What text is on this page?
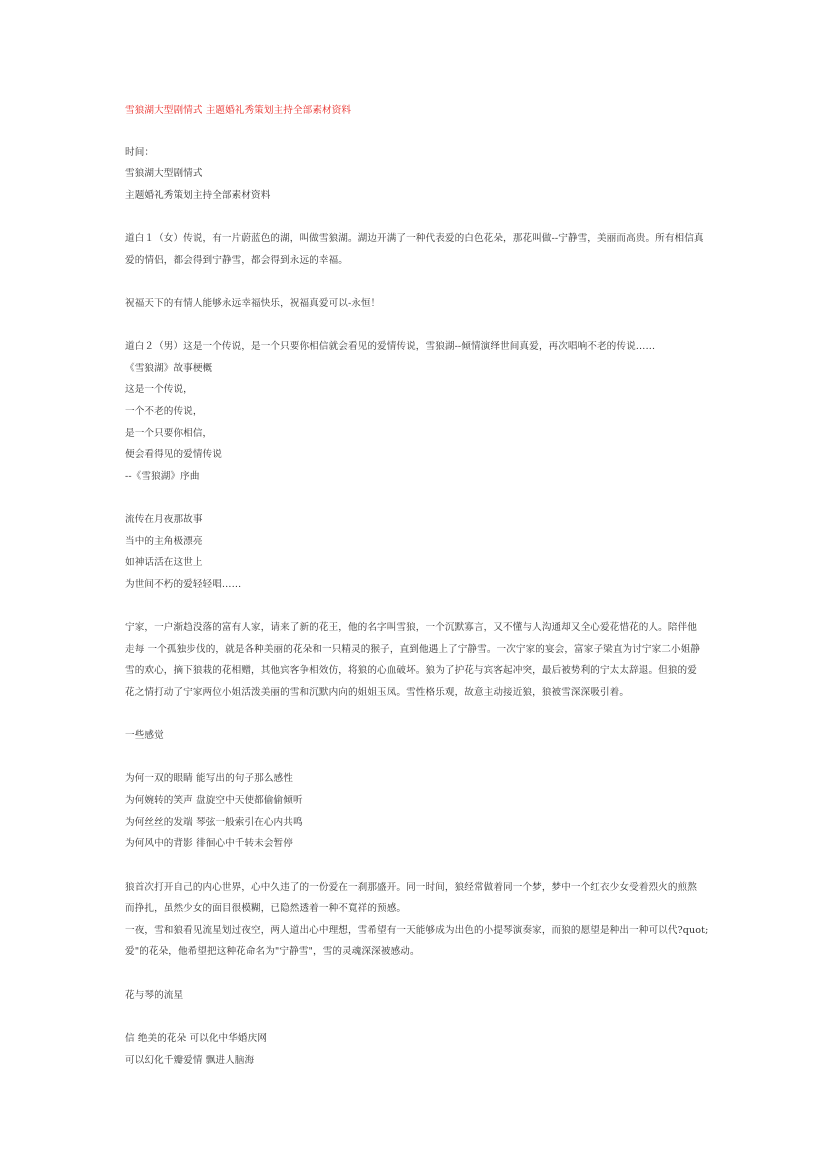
雪狼湖大型剧情式 主题婚礼秀策划主持全部素材资料
时间：
雪狼湖大型剧情式
主题婚礼秀策划主持全部素材资料
道白１（女）传说，有一片蔚蓝色的湖，叫做雪狼湖。湖边开满了一种代表爱的白色花朵，那花叫做--宁静雪，美丽而高贵。所有相信真
爱的情侣，都会得到宁静雪，都会得到永远的幸福。
祝福天下的有情人能够永远幸福快乐，祝福真爱可以-永恒！
道白２（男）这是一个传说，是一个只要你相信就会看见的爱情传说，雪狼湖--倾情演绎世间真爱，再次唱响不老的传说……
《雪狼湖》故事梗概
这是一个传说，
一个不老的传说，
是一个只要你相信，
便会看得见的爱情传说
--《雪狼湖》序曲
流传在月夜那故事
当中的主角极漂亮
如神话活在这世上
为世间不朽的爱轻轻唱……
宁家，一户渐趋没落的富有人家，请来了新的花王，他的名字叫雪狼，一个沉默寡言，又不懂与人沟通却又全心爱花惜花的人。陪伴他
走每 一个孤独步伐的，就是各种美丽的花朵和一只精灵的猴子，直到他遇上了宁静雪。一次宁家的宴会，富家子梁直为讨宁家二小姐静
雪的欢心，摘下狼栽的花相赠，其他宾客争相效仿，将狼的心血破坏。狼为了护花与宾客起冲突，最后被势利的宁太太辞退。但狼的爱
花之情打动了宁家两位小姐活泼美丽的雪和沉默内向的姐姐玉凤。雪性格乐观，故意主动接近狼，狼被雪深深吸引着。
一些感觉
为何一双的眼睛 能写出的句子那么感性
为何婉转的笑声 盘旋空中天使都偷偷倾听
为何丝丝的发端 琴弦一般索引在心内共鸣
为何风中的背影 徘徊心中千转未会暂停
狼首次打开自己的内心世界，心中久违了的一份爱在一刹那盛开。同一时间，狼经常做着同一个梦，梦中一个红衣少女受着烈火的煎熬
而挣扎，虽然少女的面目很模糊，已隐然透着一种不寬祥的预感。
一夜，雪和狼看见流星划过夜空，两人道出心中理想，雪希望有一天能够成为出色的小提琴演奏家，而狼的愿望是种出一种可以代?quot;
爱"的花朵，他希望把这种花命名为"宁静雪"，雪的灵魂深深被感动。
花与琴的流星
信 绝美的花朵 可以化中华婚庆网
可以幻化千瓣爱情 飘进人脑海
